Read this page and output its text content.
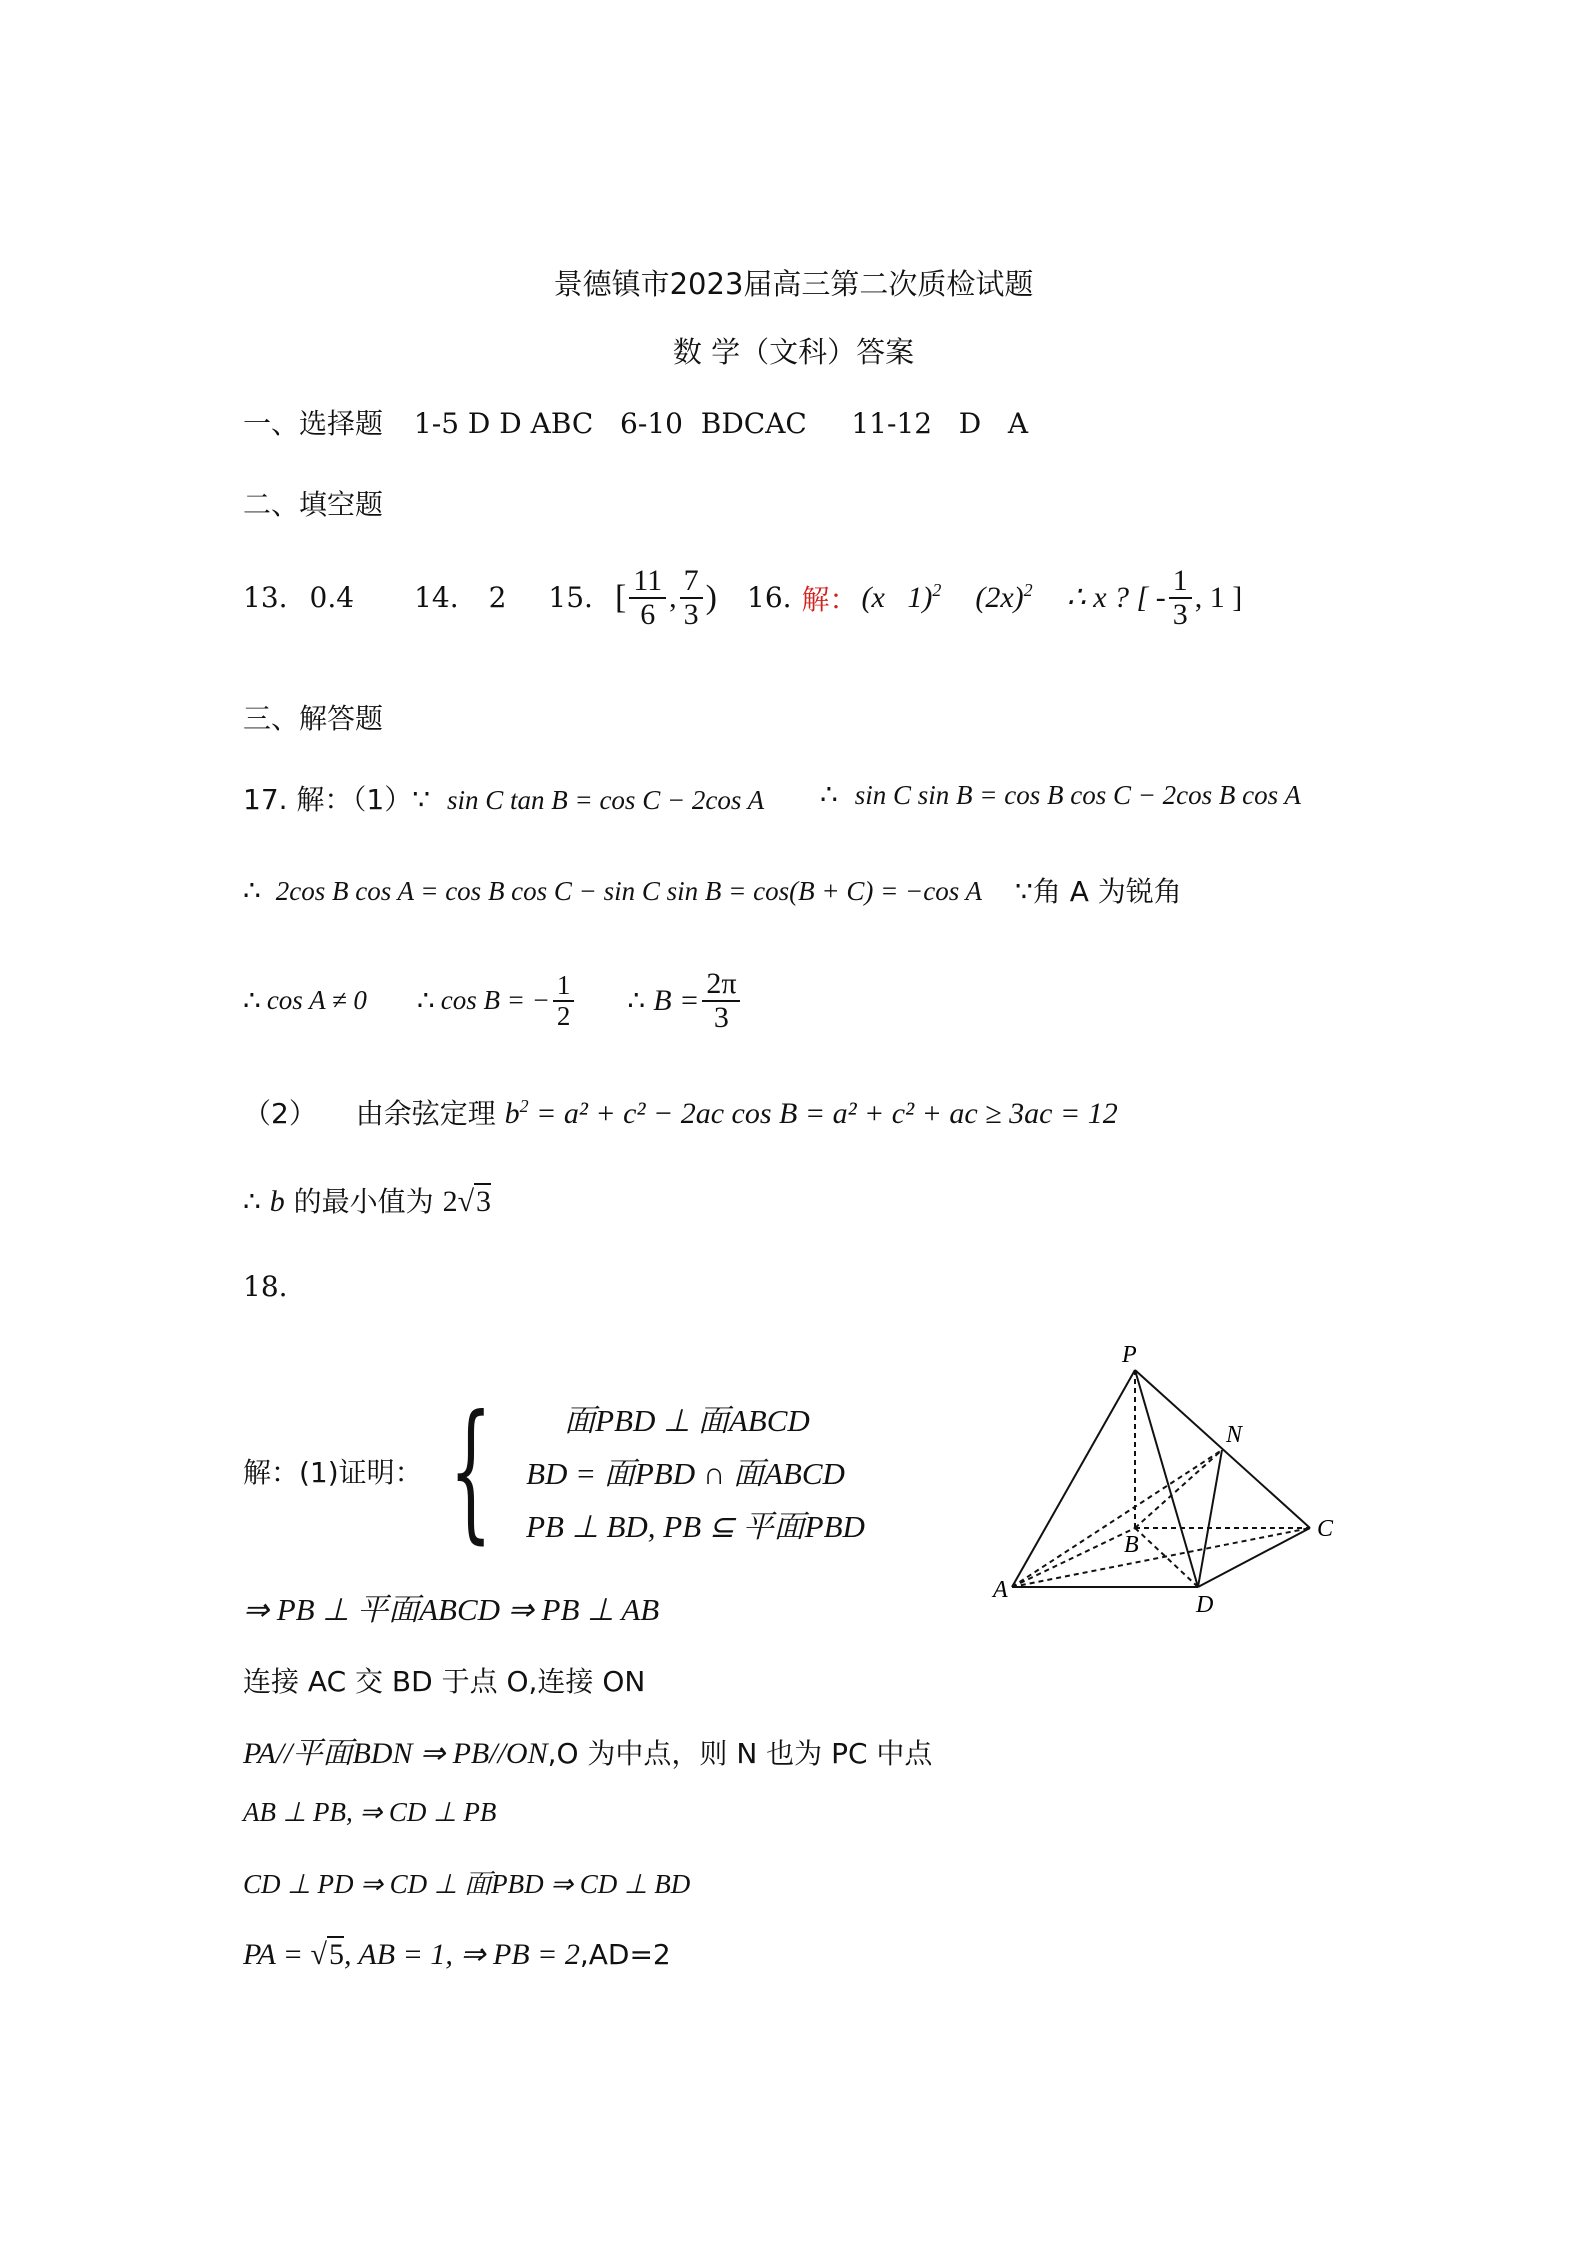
景德镇市2023届高三第二次质检试题
数 学（文科）答案
一、选择题 1-5 D D ABC   6-10  BDCAC     11-12   D   A
二、填空题
13. 0.4 14. 2 15. [ $\frac{11}{6}$ , $\frac{7}{3}$ ) 16. 解： (x   1)$^2$ $(2x)^2$ ∴ x ? [ - $\frac{1}{3}$ , 1 ]
三、解答题
17. 解：（1）∵ sin C tan B = cos C − 2cos A ∴ sin C sin B = cos B cos C − 2cos B cos A
∴ 2cos B cos A = cos B cos C − sin C sin B = cos(B + C) = −cos A ∵角 A 为锐角
∴ cos A ≠ 0 ∴ cos B = − $\frac{1}{2}$ ∴ $B = \frac{2\pi}{3}$
（2） 由余弦定理 $b^2 = a^2 + c^2 - 2ac$ cos B = a² + c² + ac ≥ 3ac = 12
∴ b 的最小值为 2√3
18.
解：(1)证明： {	面PBD ⊥ 面ABCD
BD = 面PBD ∩ 面ABCD
PB ⊥ BD, PB ⊆ 平面PBD
⇒ PB ⊥ 平面ABCD ⇒ PB ⊥ AB
连接 AC 交 BD 于点 O,连接 ON
PA//平面BDN ⇒ PB//ON,O 为中点，则 N 也为 PC 中点
AB ⊥ PB, ⇒ CD ⊥ PB
CD ⊥ PD ⇒ CD ⊥ 面PBD ⇒ CD ⊥ BD
PA = √5, AB = 1, ⇒ PB = 2,AD=2
P
N
C
B
A
D
